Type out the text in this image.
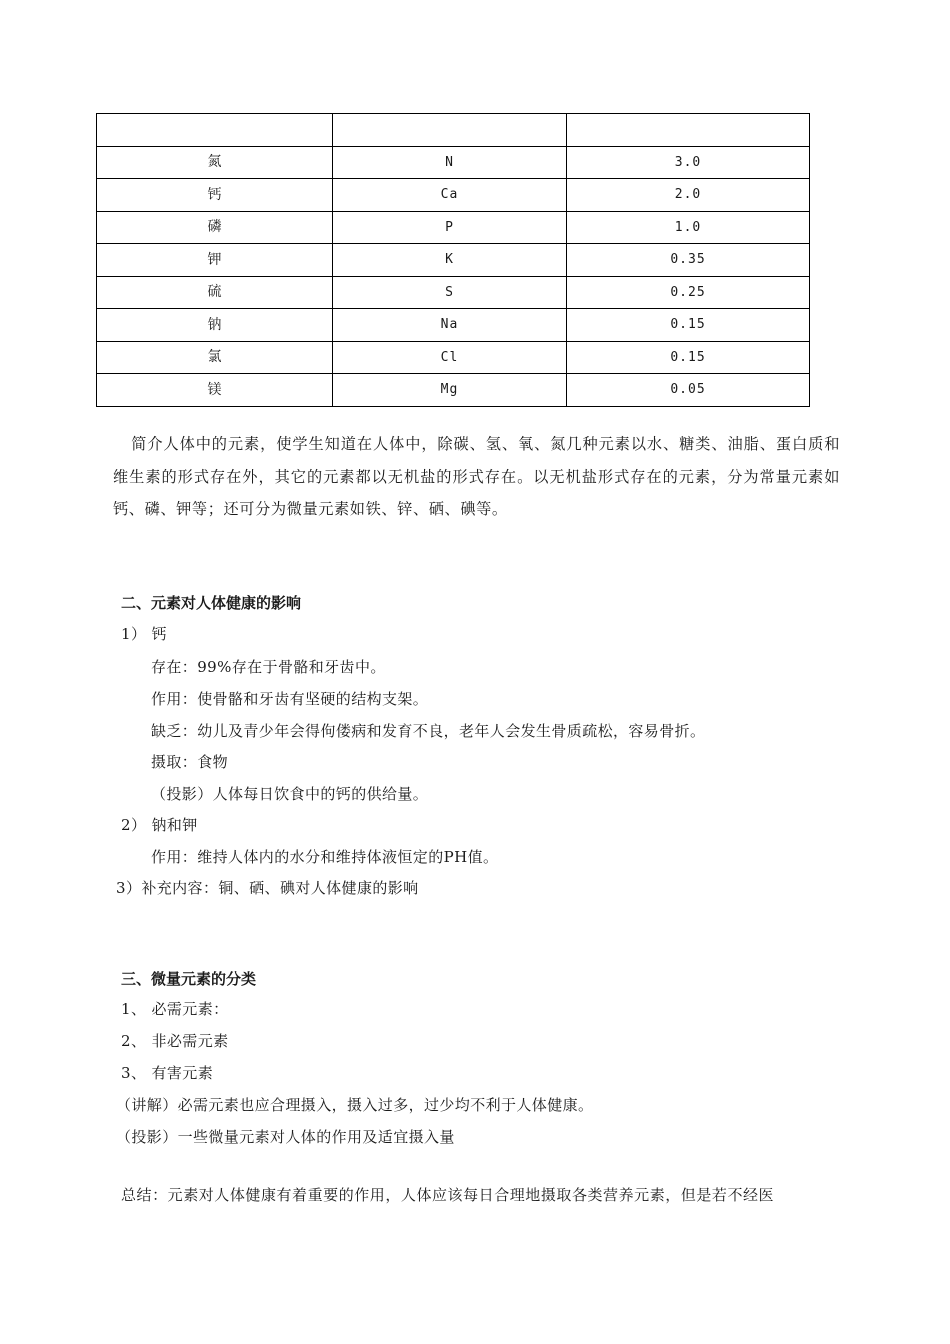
氮	N	3.0
钙	Ca	2.0
磷	P	1.0
钾	K	0.35
硫	S	0.25
钠	Na	0.15
氯	Cl	0.15
镁	Mg	0.05

简介人体中的元素，使学生知道在人体中，除碳、氢、氧、氮几种元素以水、糖类、油脂、蛋白质和维生素的形式存在外，其它的元素都以无机盐的形式存在。以无机盐形式存在的元素，分为常量元素如钙、磷、钾等；还可分为微量元素如铁、锌、硒、碘等。

二、元素对人体健康的影响
1） 钙
存在：99%存在于骨骼和牙齿中。
作用：使骨骼和牙齿有坚硬的结构支架。
缺乏：幼儿及青少年会得佝偻病和发育不良，老年人会发生骨质疏松，容易骨折。
摄取：食物
（投影）人体每日饮食中的钙的供给量。
2） 钠和钾
作用：维持人体内的水分和维持体液恒定的PH值。
3）补充内容：铜、硒、碘对人体健康的影响
三、微量元素的分类
1、 必需元素：
2、 非必需元素
3、 有害元素
（讲解）必需元素也应合理摄入，摄入过多，过少均不利于人体健康。
（投影）一些微量元素对人体的作用及适宜摄入量
总结：元素对人体健康有着重要的作用，人体应该每日合理地摄取各类营养元素，但是若不经医
